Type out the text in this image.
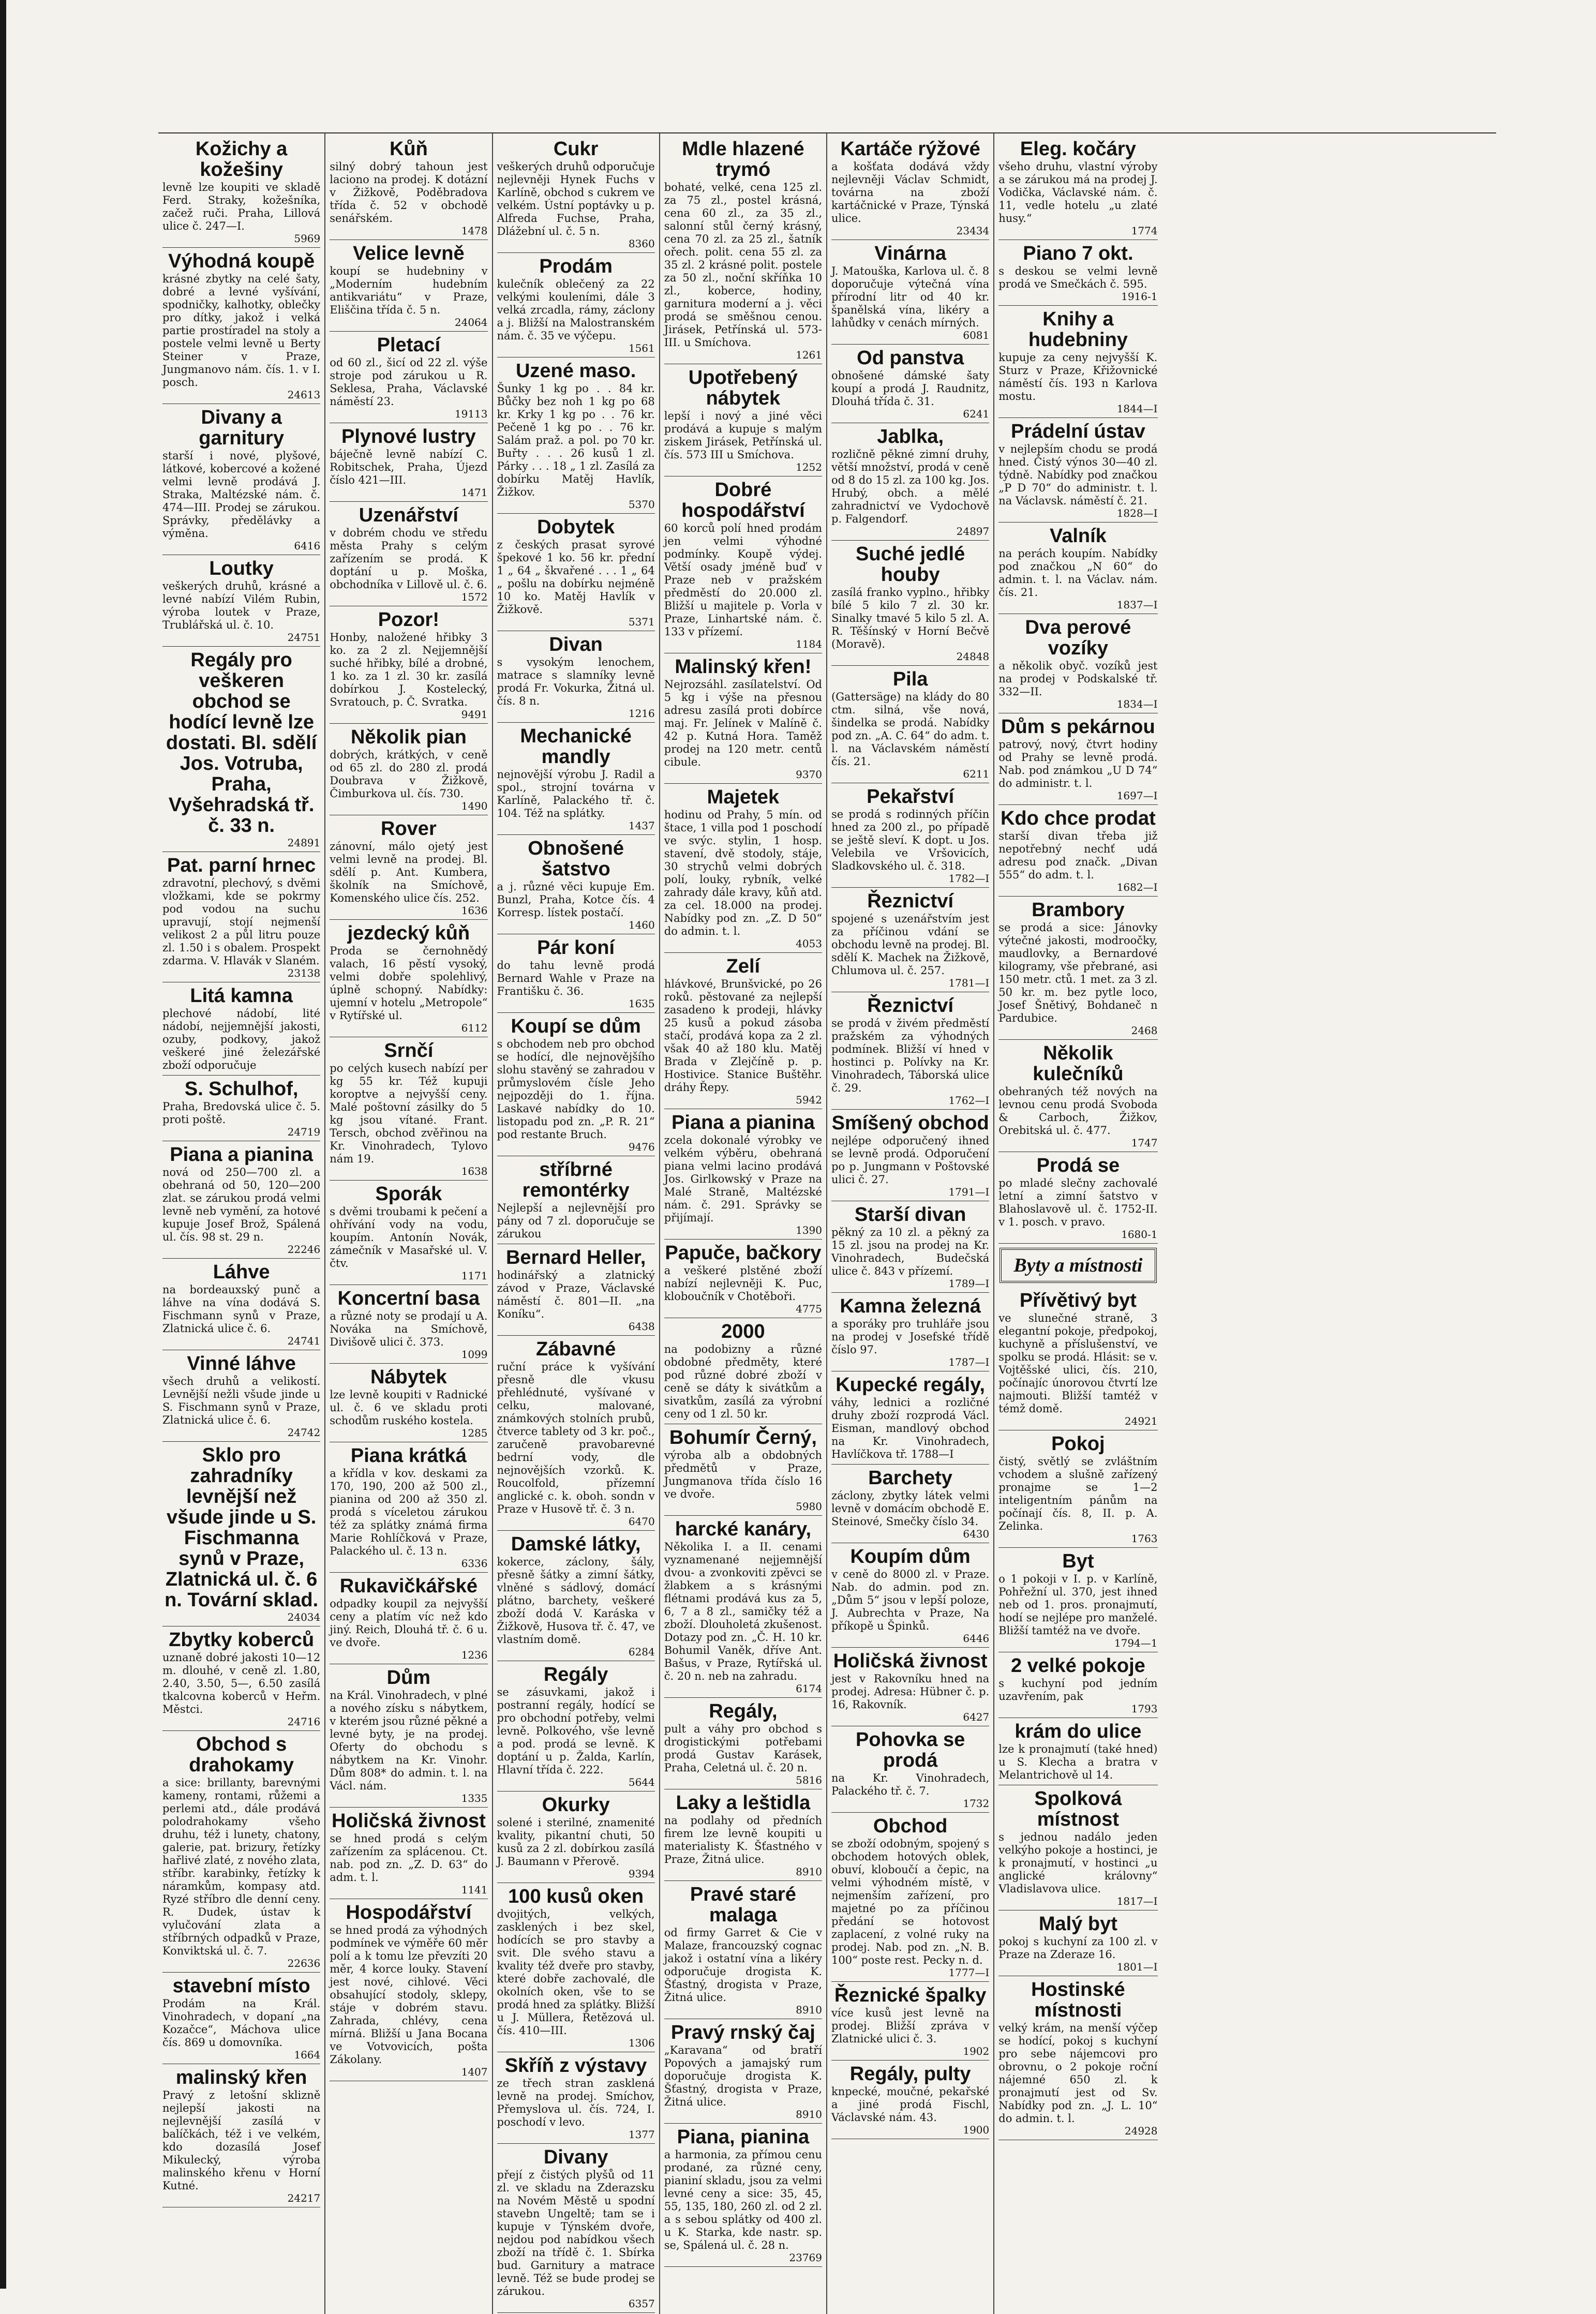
Kožichy a kožešiny

levně lze koupiti ve skladě Ferd. Straky, kožešníka, začež ruči. Praha, Lillová ulice č. 247—I.

5969
Výhodná koupě

krásné zbytky na celé šaty, dobré a levné vyšívání, spodničky, kalhotky, oblečky pro dítky, jakož i velká partie prostíradel na stoly a postele velmi levně u Berty Steiner v Praze, Jungmanovo nám. čís. 1. v I. posch.

24613
Divany a garnitury

starší i nové, plyšové, látkové, kobercové a kožené velmi levně prodává J. Straka, Maltézské nám. č. 474—III. Prodej se zárukou. Správky, předělávky a výměna.

6416
Loutky

veškerých druhů, krásné a levné nabízí Vilém Rubin, výroba loutek v Praze, Trublářská ul. č. 10.

24751
Regály pro veškeren obchod se hodící levně lze dostati. Bl. sdělí Jos. Votruba, Praha, Vyšehradská tř. č. 33 n.
24891
Pat. parní hrnec

zdravotní, plechový, s dvěmi vložkami, kde se pokrmy pod vodou na suchu upravují, stojí nejmenší velikost 2 a půl litru pouze zl. 1.50 i s obalem. Prospekt zdarma. V. Hlavák v Slaném.

23138
Litá kamna

plechové nádobí, lité nádobí, nejjemnější jakosti, ozuby, podkovy, jakož veškeré jiné železářské zboží odporučuje

S. Schulhof,

Praha, Bredovská ulice č. 5. proti poště.

24719
Piana a pianina

nová od 250—700 zl. a obehraná od 50, 120—200 zlat. se zárukou prodá velmi levně neb vymění, za hotové kupuje Josef Brož, Spálená ul. čís. 98 st. 29 n.

22246
Láhve

na bordeauxský punč a láhve na vína dodává S. Fischmann synů v Praze, Zlatnická ulice č. 6.

24741
Vinné láhve

všech druhů a velikostí. Levnější nežli všude jinde u S. Fischmann synů v Praze, Zlatnická ulice č. 6.

24742
Sklo pro zahradníky levnější než všude jinde u S. Fischmanna synů v Praze, Zlatnická ul. č. 6 n. Tovární sklad.
24034
Zbytky koberců

uznaně dobré jakosti 10—12 m. dlouhé, v ceně zl. 1.80, 2.40, 3.50, 5—, 6.50 zasílá tkalcovna koberců v Heřm. Městci.

24716
Obchod s drahokamy

a sice: brillanty, barevnými kameny, rontami, růžemi a perlemi atd., dále prodává polodrahokamy všeho druhu, též i lunety, chatony, galerie, pat. brizury, řetízky hařlivé zlaté, z nového zlata, stříbr. karabinky, řetízky k náramkům, kompasy atd. Ryzé stříbro dle denní ceny. R. Dudek, ústav k vylučování zlata a stříbrných odpadků v Praze, Konviktská ul. č. 7.

22636
stavební místo

Prodám na Král. Vinohradech, v dopaní „na Kozačce“, Máchova ulice čís. 869 u domovníka.

1664
malinský křen

Pravý z letošní sklizně nejlepší jakosti na nejlevnější zasílá v balíčkách, též i ve velkém, kdo dozasílá Josef Mikulecký, výroba malinského křenu v Horní Kutné.

24217
Kůň

silný dobrý tahoun jest laciono na prodej. K dotázní v Žižkově, Poděbradova třída č. 52 v obchodě senářském.

1478
Velice levně

koupí se hudebniny v „Moderním hudebním antikvariátu“ v Praze, Eliščina třída č. 5 n.

24064
Pletací

od 60 zl., šicí od 22 zl. výše stroje pod zárukou u R. Seklesa, Praha, Václavské náměstí 23.

19113
Plynové lustry

báječně levně nabízí C. Robitschek, Praha, Újezd číslo 421—III.

1471
Uzenářství

v dobrém chodu ve středu města Prahy s celým zařízením se prodá. K doptání u p. Moška, obchodníka v Lillově ul. č. 6.

1572
Pozor!

Honby, naložené hřibky 3 ko. za 2 zl. Nejjemnější suché hřibky, bílé a drobné, 1 ko. za 1 zl. 30 kr. zasílá dobírkou J. Kostelecký, Svratouch, p. Č. Svratka.

9491
Několik pian

dobrých, krátkých, v ceně od 65 zl. do 280 zl. prodá Doubrava v Žižkově, Čimburkova ul. čís. 730.

1490
Rover

zánovní, málo ojetý jest velmi levně na prodej. Bl. sdělí p. Ant. Kumbera, školník na Smíchově, Komenského ulice čís. 252.

1636
jezdecký kůň

Proda se černohnědý valach, 16 pěstí vysoký, velmi dobře spolehlivý, úplně schopný. Nabídky: ujemní v hotelu „Metropole“ v Rytířské ul.

6112
Srnčí

po celých kusech nabízí per kg 55 kr. Též kupuji koroptve a nejvyšší ceny. Malé poštovní zásilky do 5 kg jsou vítané. Frant. Tersch, obchod zvěřinou na Kr. Vinohradech, Tylovo nám 19.

1638
Sporák

s dvěmi troubami k pečení a ohřívání vody na vodu, koupím. Antonín Novák, zámečník v Masařské ul. V. čtv.

1171
Koncertní basa

a různé noty se prodají u A. Nováka na Smíchově, Divišově ulici č. 373.

1099
Nábytek

lze levně koupiti v Radnické ul. č. 6 ve skladu proti schodům ruského kostela.

1285
Piana krátká

a křídla v kov. deskami za 170, 190, 200 až 500 zl., pianina od 200 až 350 zl. prodá s víceletou zárukou též za splátky známá firma Marie Rohlíčková v Praze, Palackého ul. č. 13 n.

6336
Rukavičkářské

odpadky koupil za nejvyšší ceny a platím víc než kdo jiný. Reich, Dlouhá tř. č. 6 u. ve dvoře.

1236
Dům

na Král. Vinohradech, v plné a nového získu s nábytkem, v kterém jsou různé pěkné a levné byty, je na prodej. Oferty do obchodu s nábytkem na Kr. Vinohr. Dům 808* do admin. t. l. na Václ. nám.

1335
Holičská živnost

se hned prodá s celým zařízením za splácenou. Ct. nab. pod zn. „Z. D. 63“ do adm. t. l.

1141
Hospodářství

se hned prodá za výhodných podmínek ve výměře 60 měr polí a k tomu lze převzíti 20 měr, 4 korce louky. Stavení jest nové, cihlové. Věci obsahující stodoly, sklepy, stáje v dobrém stavu. Zahrada, chlévy, cena mírná. Bližší u Jana Bocana ve Votvovicích, pošta Zákolany.

1407
Cukr

veškerých druhů odporučuje nejlevněji Hynek Fuchs v Karlíně, obchod s cukrem ve velkém. Ústní poptávky u p. Alfreda Fuchse, Praha, Dlážební ul. č. 5 n.

8360
Prodám

kulečník oblečený za 22 velkými kouleními, dále 3 velká zrcadla, rámy, záclony a j. Bližší na Malostranském nám. č. 35 ve výčepu.

1561
Uzené maso.

Šunky 1 kg po . . 84 kr. Bůčky bez noh 1 kg po 68 kr. Krky 1 kg po . . 76 kr. Pečeně 1 kg po . . 76 kr. Salám praž. a pol. po 70 kr. Buřty . . . 26 kusů 1 zl. Párky . . . 18 „ 1 zl. Zasílá za dobírku Matěj Havlík, Žižkov.

5370
Dobytek

z českých prasat syrové špekové 1 ko. 56 kr. přední 1 „ 64 „ škvařené . . . 1 „ 64 „ pošlu na dobírku nejméně 10 ko. Matěj Havlík v Žižkově.

5371
Divan

s vysokým lenochem, matrace s slamníky levně prodá Fr. Vokurka, Žitná ul. čís. 8 n.

1216
Mechanické mandly

nejnovější výrobu J. Radil a spol., strojní továrna v Karlíně, Palackého tř. č. 104. Též na splátky.

1437
Obnošené šatstvo

a j. různé věci kupuje Em. Bunzl, Praha, Kotce čís. 4 Korresp. lístek postačí.

1460
Pár koní

do tahu levně prodá Bernard Wahle v Praze na Františku č. 36.

1635
Koupí se dům

s obchodem neb pro obchod se hodící, dle nejnovějšího slohu stavěný se zahradou v průmyslovém čísle Jeho nejpozději do 1. října. Laskavé nabídky do 10. listopadu pod zn. „P. R. 21“ pod restante Bruch.

9476
stříbrné remontérky

Nejlepší a nejlevnější pro pány od 7 zl. doporučuje se zárukou

Bernard Heller,

hodinářský a zlatnický závod v Praze, Václavské náměstí č. 801—II. „na Koníku“.

6438
Zábavné

ruční práce k vyšívání přesně dle vkusu přehlédnuté, vyšívané v celku, malované, známkových stolních prubů, čtverce tablety od 3 kr. poč., zaručeně pravobarevné bedrní vody, dle nejnovějších vzorků. K. Roucolfold, přízemní anglické c. k. oboh. sondn v Praze v Husově tř. č. 3 n.

6470
Damské látky,

kokerce, záclony, šály, přesně šátky a zimní šátky, vlněné s sádlový, domácí plátno, barchety, veškeré zboží dodá V. Karáska v Žižkově, Husova tř. č. 47, ve vlastním domě.

6284
Regály

se zásuvkami, jakož i postranní regály, hodící se pro obchodní potřeby, velmi levně. Polkového, vše levně a pod. prodá se levně. K doptání u p. Žalda, Karlín, Hlavní třída č. 222.

5644
Okurky

solené i sterilné, znamenité kvality, pikantní chuti, 50 kusů za 2 zl. dobírkou zasílá J. Baumann v Přerově.

9394
100 kusů oken

dvojitých, velkých, zasklených i bez skel, hodících se pro stavby a svit. Dle svého stavu a kvality též dveře pro stavby, které dobře zachovalé, dle okolních oken, vše to se prodá hned za splátky. Bližší u J. Müllera, Řetězová ul. čís. 410—III.

1306
Skříň z výstavy

ze třech stran zasklená levně na prodej. Smíchov, Přemyslova ul. čís. 724, I. poschodí v levo.

1377
Divany

přejí z čistých plyšů od 11 zl. ve skladu na Zderazsku na Novém Městě u spodní stavebn Ungeltě; tam se i kupuje v Týnském dvoře, nejdou pod nabídkou všech zboží na třídě č. 1. Sbírka bud. Garnitury a matrace levně. Též se bude prodej se zárukou.

6357
Mdle hlazené trymó

bohaté, velké, cena 125 zl. za 75 zl., postel krásná, cena 60 zl., za 35 zl., salonní stůl černý krásný, cena 70 zl. za 25 zl., šatník ořech. polit. cena 55 zl. za 35 zl. 2 krásné polit. postele za 50 zl., noční skříňka 10 zl., koberce, hodiny, garnitura moderní a j. věci prodá se směšnou cenou. Jirásek, Petřínská ul. 573-III. u Smíchova.

1261
Upotřebený nábytek

lepší i nový a jiné věci prodává a kupuje s malým ziskem Jirásek, Petřínská ul. čís. 573 III u Smíchova.

1252
Dobré hospodářství

60 korců polí hned prodám jen velmi výhodné podmínky. Koupě výdej. Větší osady jméně buď v Praze neb v pražském předměstí do 20.000 zl. Bližší u majitele p. Vorla v Praze, Linhartské nám. č. 133 v přízemí.

1184
Malinský křen!

Nejrozsáhl. zasílatelství. Od 5 kg i výše na přesnou adresu zasílá proti dobírce maj. Fr. Jelínek v Malíně č. 42 p. Kutná Hora. Taměž prodej na 120 metr. centů cibule.

9370
Majetek

hodinu od Prahy, 5 mín. od štace, 1 villa pod 1 poschodí ve svýc. stylin, 1 hosp. stavení, dvě stodoly, stáje, 30 strychů velmi dobrých polí, louky, rybník, velké zahrady dále kravy, kůň atd. za cel. 18.000 na prodej. Nabídky pod zn. „Z. D 50“ do admin. t. l.

4053
Zelí

hlávkové, Brunšvické, po 26 roků. pěstované za nejlepší zasadeno k prodeji, hlávky 25 kusů a pokud zásoba stačí, prodává kopa za 2 zl. však 40 až 180 klu. Matěj Brada v Zlejčíně p. p. Hostivice. Stanice Buštěhr. dráhy Řepy.

5942
Piana a pianina

zcela dokonalé výrobky ve velkém výběru, obehraná piana velmi lacino prodává Jos. Girlkowský v Praze na Malé Straně, Maltézské nám. č. 291. Správky se přijímají.

1390
Papuče, bačkory

a veškeré plstěné zboží nabízí nejlevněji K. Puc, kloboučník v Chotěboři.

4775
2000

na podobizny a různé obdobné předměty, které pod různé dobré zboží v ceně se dáty k sivátkům a sivatkům, zasílá za výrobní ceny od 1 zl. 50 kr.

Bohumír Černý,

výroba alb a obdobných předmětů v Praze, Jungmanova třída číslo 16 ve dvoře.

5980
harcké kanáry,

Několika I. a II. cenami vyznamenané nejjemnější dvou- a zvonkoviti zpěvci se žlabkem a s krásnými flétnami prodává kus za 5, 6, 7 a 8 zl., samičky též a zboží. Dlouholetá zkušenost. Dotazy pod zn. „Č. H. 10 kr. Bohumil Vaněk, dříve Ant. Bašus, v Praze, Rytířská ul. č. 20 n. neb na zahradu.

6174
Regály,

pult a váhy pro obchod s drogistickými potřebami prodá Gustav Karásek, Praha, Celetná ul. č. 20 n.

5816
Laky a leštidla

na podlahy od předních firem lze levně koupiti u materialisty K. Šťastného v Praze, Žitná ulice.

8910
Pravé staré malaga

od firmy Garret & Cie v Malaze, francouzský cognac jakož i ostatní vína a likéry odporučuje drogista K. Šťastný, drogista v Praze, Žitná ulice.

8910
Pravý rnský čaj

„Karavana“ od bratří Popových a jamajský rum doporučuje drogista K. Šťastný, drogista v Praze, Žitná ulice.

8910
Piana, pianina

a harmonia, za přímou cenu prodané, za různé ceny, pianiní skladu, jsou za velmi levné ceny a sice: 35, 45, 55, 135, 180, 260 zl. od 2 zl. a s sebou splátky od 400 zl. u K. Starka, kde nastr. sp. se, Spálená ul. č. 28 n.

23769
Kartáče rýžové

a košťata dodává vždy nejlevněji Václav Schmidt, továrna na zboží kartáčnické v Praze, Týnská ulice.

23434
Vinárna

J. Matouška, Karlova ul. č. 8 doporučuje výtečná vína přírodní litr od 40 kr. španělská vína, likéry a lahůdky v cenách mírných.

6081
Od panstva

obnošené dámské šaty koupí a prodá J. Raudnitz, Dlouhá třída č. 31.

6241
Jablka,

rozličně pěkné zimní druhy, větší množství, prodá v ceně od 8 do 15 zl. za 100 kg. Jos. Hrubý, obch. a mělé zahradnictví ve Vydochově p. Falgendorf.

24897
Suché jedlé houby

zasílá franko vyplno., hřibky bílé 5 kilo 7 zl. 30 kr. Sinalky tmavé 5 kilo 5 zl. A. R. Těšínský v Horní Bečvě (Moravě).

24848
Pila

(Gattersäge) na klády do 80 ctm. silná, vše nová, šindelka se prodá. Nabídky pod zn. „A. C. 64“ do adm. t. l. na Václavském náměstí čís. 21.

6211
Pekařství

se prodá s rodinných příčin hned za 200 zl., po případě se ještě sleví. K dopt. u Jos. Velebila ve Vršovicích, Sladkovského ul. č. 318.

1782—I
Řeznictví

spojené s uzenářstvím jest za příčinou vdání se obchodu levně na prodej. Bl. sdělí K. Machek na Žižkově, Chlumova ul. č. 257.

1781—I
Řeznictví

se prodá v živém předměstí pražském za výhodných podmínek. Bližší ví hned v hostinci p. Polívky na Kr. Vinohradech, Táborská ulice č. 29.

1762—I
Smíšený obchod

nejlépe odporučený ihned se levně prodá. Odporučení po p. Jungmann v Poštovské ulici č. 27.

1791—I
Starší divan

pěkný za 10 zl. a pěkný za 15 zl. jsou na prodej na Kr. Vinohradech, Budečská ulice č. 843 v přízemí.

1789—I
Kamna železná

a sporáky pro truhláře jsou na prodej v Josefské třídě číslo 97.

1787—I
Kupecké regály,

váhy, lednici a rozličné druhy zboží rozprodá Václ. Eisman, mandlový obchod na Kr. Vinohradech, Havlíčkova tř. 1788—I

Barchety

záclony, zbytky látek velmi levně v domácím obchodě E. Steinové, Smečky číslo 34.

6430
Koupím dům

v ceně do 8000 zl. v Praze. Nab. do admin. pod zn. „Dům 5“ jsou v lepší poloze, J. Aubrechta v Praze, Na příkopě u Špinků.

6446
Holičská živnost

jest v Rakovníku hned na prodej. Adresa: Hübner č. p. 16, Rakovník.

6427
Pohovka se prodá

na Kr. Vinohradech, Palackého tř. č. 7.

1732
Obchod

se zboží odobným, spojený s obchodem hotových oblek, obuví, kloboučí a čepic, na velmi výhodném místě, v nejmenším zařízení, pro majetné po za příčinou předání se hotovost zaplacení, z volné ruky na prodej. Nab. pod zn. „N. B. 100“ poste rest. Pecky n. d.

1777—I
Řeznické špalky

více kusů jest levně na prodej. Bližší zpráva v Zlatnické ulici č. 3.

1902
Regály, pulty

knpecké, moučné, pekařské a jiné prodá Fischl, Václavské nám. 43.

1900
Eleg. kočáry

všeho druhu, vlastní výroby a se zárukou má na prodej J. Vodička, Václavské nám. č. 11, vedle hotelu „u zlaté husy.“

1774
Piano 7 okt.

s deskou se velmi levně prodá ve Smečkách č. 595.

1916-1
Knihy a hudebniny

kupuje za ceny nejvyšší K. Sturz v Praze, Křižovnické náměstí čís. 193 n Karlova mostu.

1844—I
Prádelní ústav

v nejlepším chodu se prodá hned. Čistý výnos 30—40 zl. týdně. Nabídky pod značkou „P D 70“ do administr. t. l. na Václavsk. náměstí č. 21.

1828—I
Valník

na perách koupím. Nabídky pod značkou „N 60“ do admin. t. l. na Václav. nám. čís. 21.

1837—I
Dva perové vozíky

a několik obyč. vozíků jest na prodej v Podskalské tř. 332—II.

1834—I
Dům s pekárnou

patrový, nový, čtvrt hodiny od Prahy se levně prodá. Nab. pod známkou „U D 74“ do administr. t. l.

1697—I
Kdo chce prodat

starší divan třeba již nepotřebný nechť udá adresu pod značk. „Divan 555“ do adm. t. l.

1682—I
Brambory

se prodá a sice: Jánovky výtečné jakosti, modroočky, maudlovky, a Bernardové kilogramy, vše přebrané, asi 150 metr. ctů. 1 met. za 3 zl. 50 kr. m. bez pytle loco, Josef Šnětivý, Bohdaneč n Pardubice.

2468
Několik kulečníků

obehraných též nových na levnou cenu prodá Svoboda & Carboch, Žižkov, Orebitská ul. č. 477.

1747
Prodá se

po mladé slečny zachovalé letní a zimní šatstvo v Blahoslavově ul. č. 1752-II. v 1. posch. v pravo.

1680-1
Byty a místnosti
Přívětivý byt

ve slunečné straně, 3 elegantní pokoje, předpokoj, kuchyně a příslušenství, ve spolku se prodá. Hlásit: se v. Vojtěšské ulici, čís. 210, počínajíc únorovou čtvrtí lze najmouti. Bližší tamtéž v témž domě.

24921
Pokoj

čistý, světlý se zvláštním vchodem a slušně zařízený pronajme se 1—2 inteligentním pánům na počínají čís. 8, II. p. A. Zelinka.

1763
Byt

o 1 pokoji v I. p. v Karlíně, Pohřežní ul. 370, jest ihned neb od 1. pros. pronajmutí, hodí se nejlépe pro manželé. Bližší tamtéž na ve dvoře.

1794—1
2 velké pokoje

s kuchyní pod jedním uzavřením, pak

1793
krám do ulice

lze k pronajmutí (také hned) u S. Klecha a bratra v Melantrichově ul 14.

Spolková místnost

s jednou nadálo jeden velkýho pokoje a hostinci, je k pronajmutí, v hostinci „u anglické královny“ Vladislavova ulice.

1817—I
Malý byt

pokoj s kuchyní za 100 zl. v Praze na Zderaze 16.

1801—I
Hostinské místnosti

velký krám, na menší výčep se hodící, pokoj s kuchyní pro sebe nájemcovi pro obrovnu, o 2 pokoje roční nájemné 650 zl. k pronajmutí jest od Sv. Nabídky pod zn. „J. L. 10“ do admin. t. l.

24928
